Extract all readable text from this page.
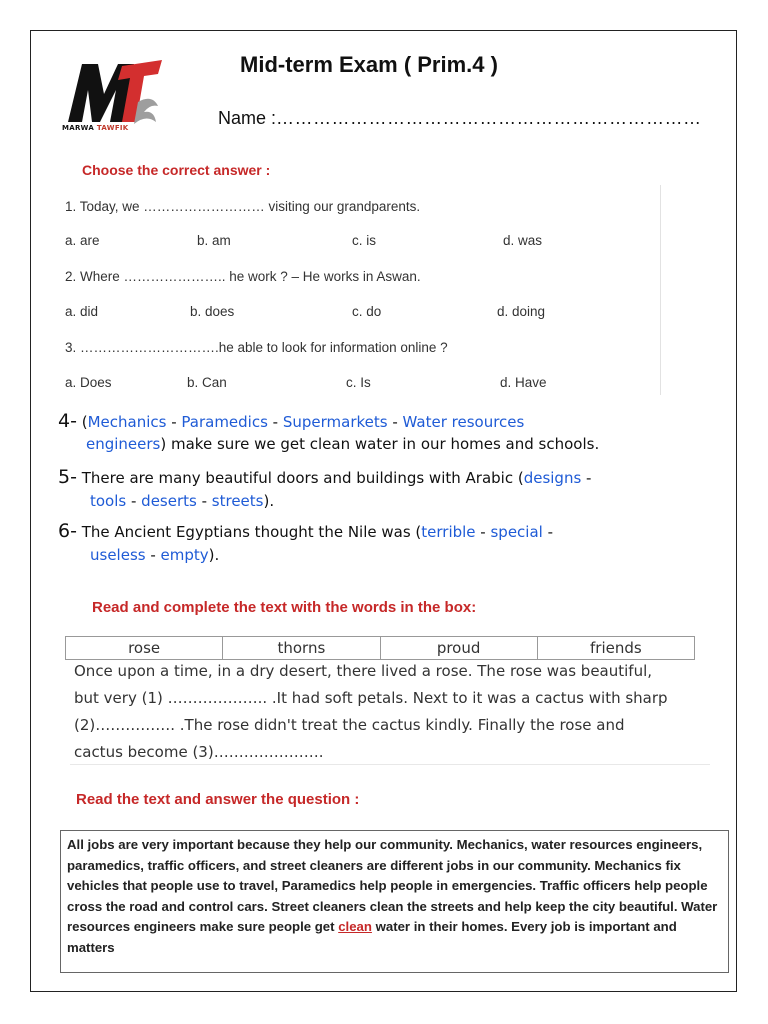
MARWA TAWFIK
Mid-term Exam ( Prim.4 )
Name :……………………………………………………………
Choose the correct answer :
1. Today, we ……………………… visiting our grandparents.
a. are	b. am	c. is	d. was
2. Where ………………….. he work ? – He works in Aswan.
a. did	b. does	c. do	d. doing
3. ………………………….he able to look for information online ?
a. Does	b. Can	c. Is	d. Have
4- (Mechanics - Paramedics - Supermarkets - Water resources
engineers) make sure we get clean water in our homes and schools.
5- There are many beautiful doors and buildings with Arabic (designs -
tools - deserts - streets).
6- The Ancient Egyptians thought the Nile was (terrible - special -
useless - empty).
Read and complete the text with the words in the box:
rose	thorns	proud	friends
Once upon a time, in a dry desert, there lived a rose. The rose was beautiful,
but very (1) ……………….. .It had soft petals. Next to it was a cactus with sharp
(2)……………. .The rose didn't treat the cactus kindly. Finally the rose and
cactus become (3)………………….
Read the text and answer the question :

All jobs are very important because they help our community. Mechanics, water resources engineers, paramedics, traffic officers, and street cleaners are different jobs in our community. Mechanics fix vehicles that people use to travel, Paramedics help people in emergencies. Traffic officers help people cross the road and control cars. Street cleaners clean the streets and help keep the city beautiful. Water resources engineers make sure people get clean water in their homes. Every job is important and matters
